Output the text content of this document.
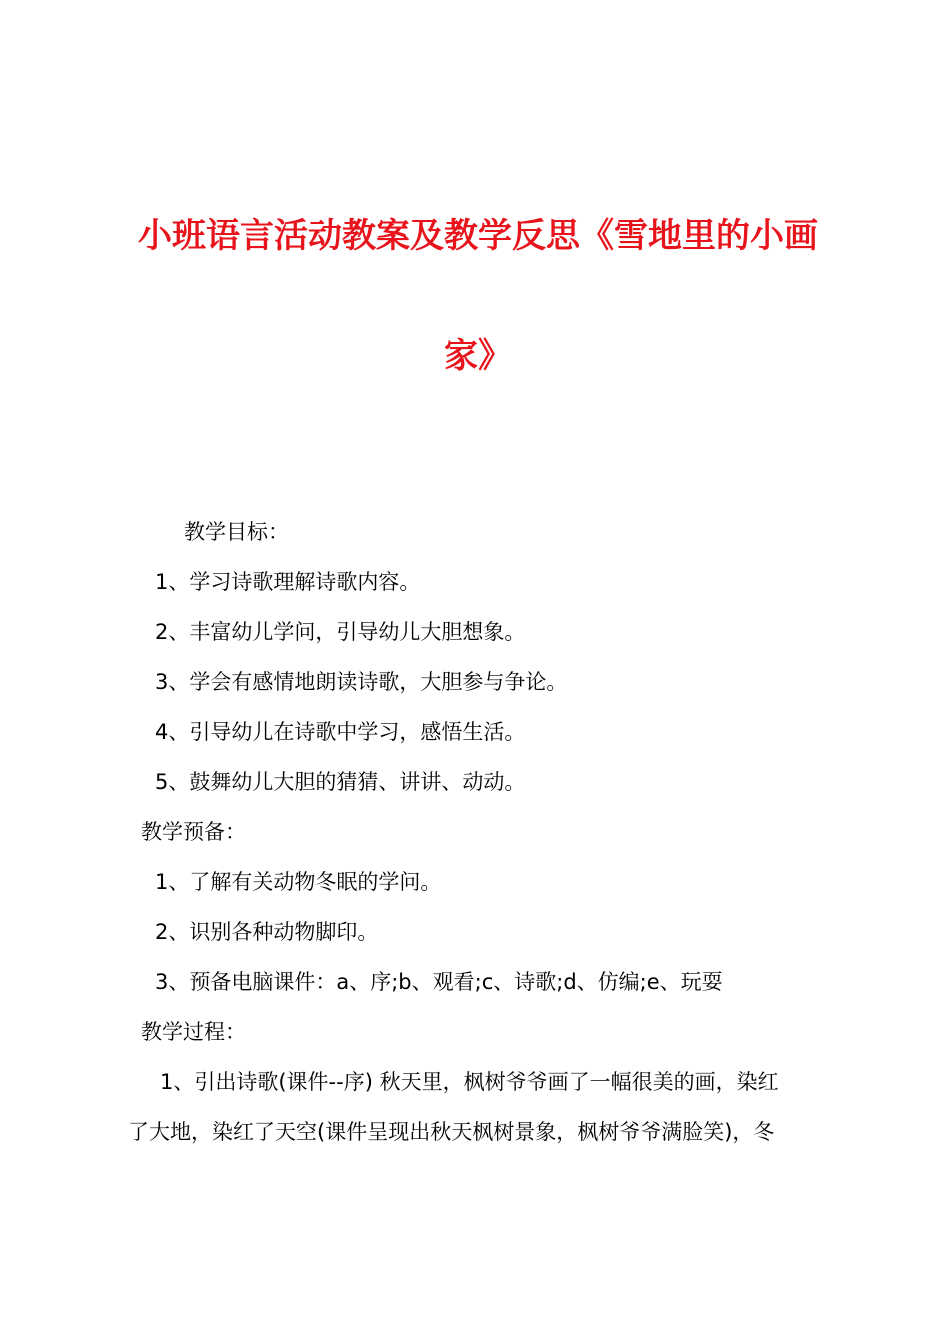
小班语言活动教案及教学反思《雪地里的小画
家》

教学目标：

1、学习诗歌理解诗歌内容。

2、丰富幼儿学问，引导幼儿大胆想象。

3、学会有感情地朗读诗歌，大胆参与争论。

4、引导幼儿在诗歌中学习，感悟生活。

5、鼓舞幼儿大胆的猜猜、讲讲、动动。

教学预备：

1、了解有关动物冬眠的学问。

2、识别各种动物脚印。

3、预备电脑课件：a、序;b、观看;c、诗歌;d、仿编;e、玩耍

教学过程：

1、引出诗歌(课件--序) 秋天里，枫树爷爷画了一幅很美的画，染红

了大地，染红了天空(课件呈现出秋天枫树景象，枫树爷爷满脸笑)，冬
